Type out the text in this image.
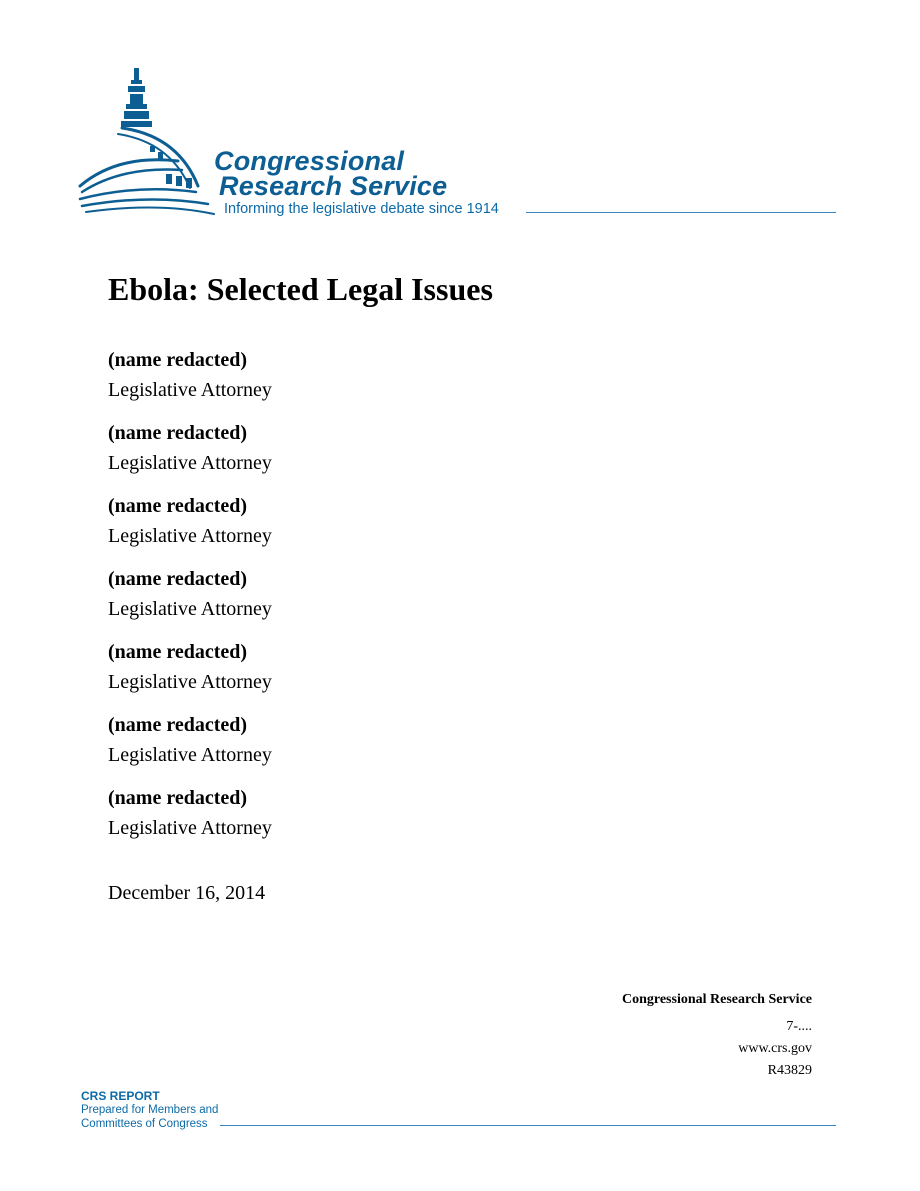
Congressional
Research Service
Informing the legislative debate since 1914
Ebola: Selected Legal Issues
(name redacted)
Legislative Attorney
(name redacted)
Legislative Attorney
(name redacted)
Legislative Attorney
(name redacted)
Legislative Attorney
(name redacted)
Legislative Attorney
(name redacted)
Legislative Attorney
(name redacted)
Legislative Attorney
December 16, 2014
Congressional Research Service
7-....
www.crs.gov
R43829
CRS REPORT
Prepared for Members and
Committees of Congress
